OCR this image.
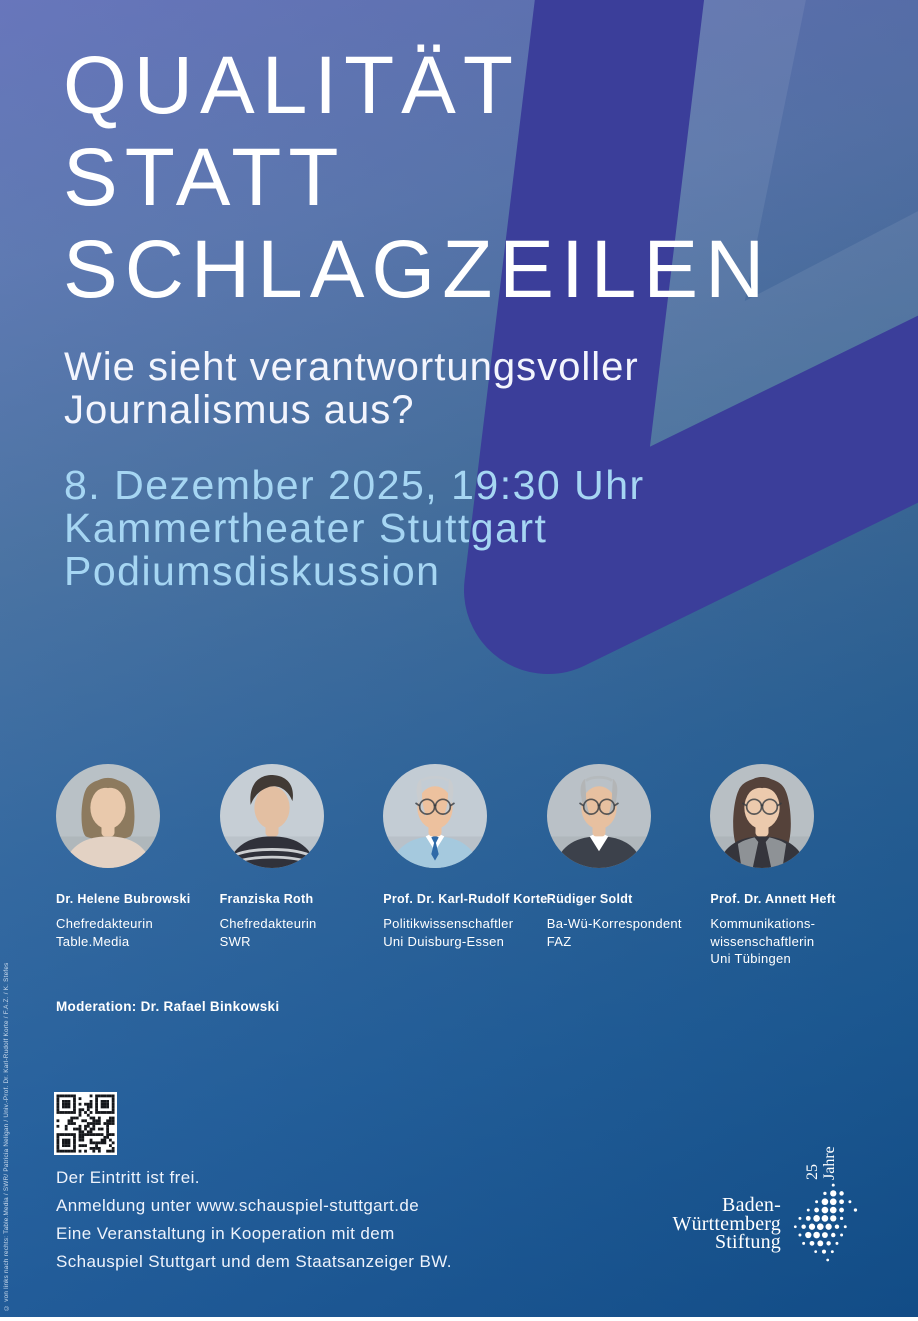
QUALITÄT
STATT
SCHLAGZEILEN
Wie sieht verantwortungsvoller
Journalismus aus?
8. Dezember 2025, 19:30 Uhr
Kammertheater Stuttgart
Podiumsdiskussion
Dr. Helene Bubrowski
Chefredakteurin
Table.Media
Franziska Roth
Chefredakteurin
SWR
Prof. Dr. Karl-Rudolf Korte
Politikwissenschaftler
Uni Duisburg-Essen
Rüdiger Soldt
Ba-Wü-Korrespondent
FAZ
Prof. Dr. Annett Heft
Kommunikations-
wissenschaftlerin
Uni Tübingen
Moderation: Dr. Rafael Binkowski
Der Eintritt ist frei.
Anmeldung unter www.schauspiel-stuttgart.de
Eine Veranstaltung in Kooperation mit dem
Schauspiel Stuttgart und dem Staatsanzeiger BW.
Baden-
Württemberg
Stiftung
25 Jahre
© von links nach rechts: Table.Media / SWR/ Patricia Neligan / Univ.-Prof. Dr. Karl-Rudolf Korte / F.A.Z. / K. Stefes
